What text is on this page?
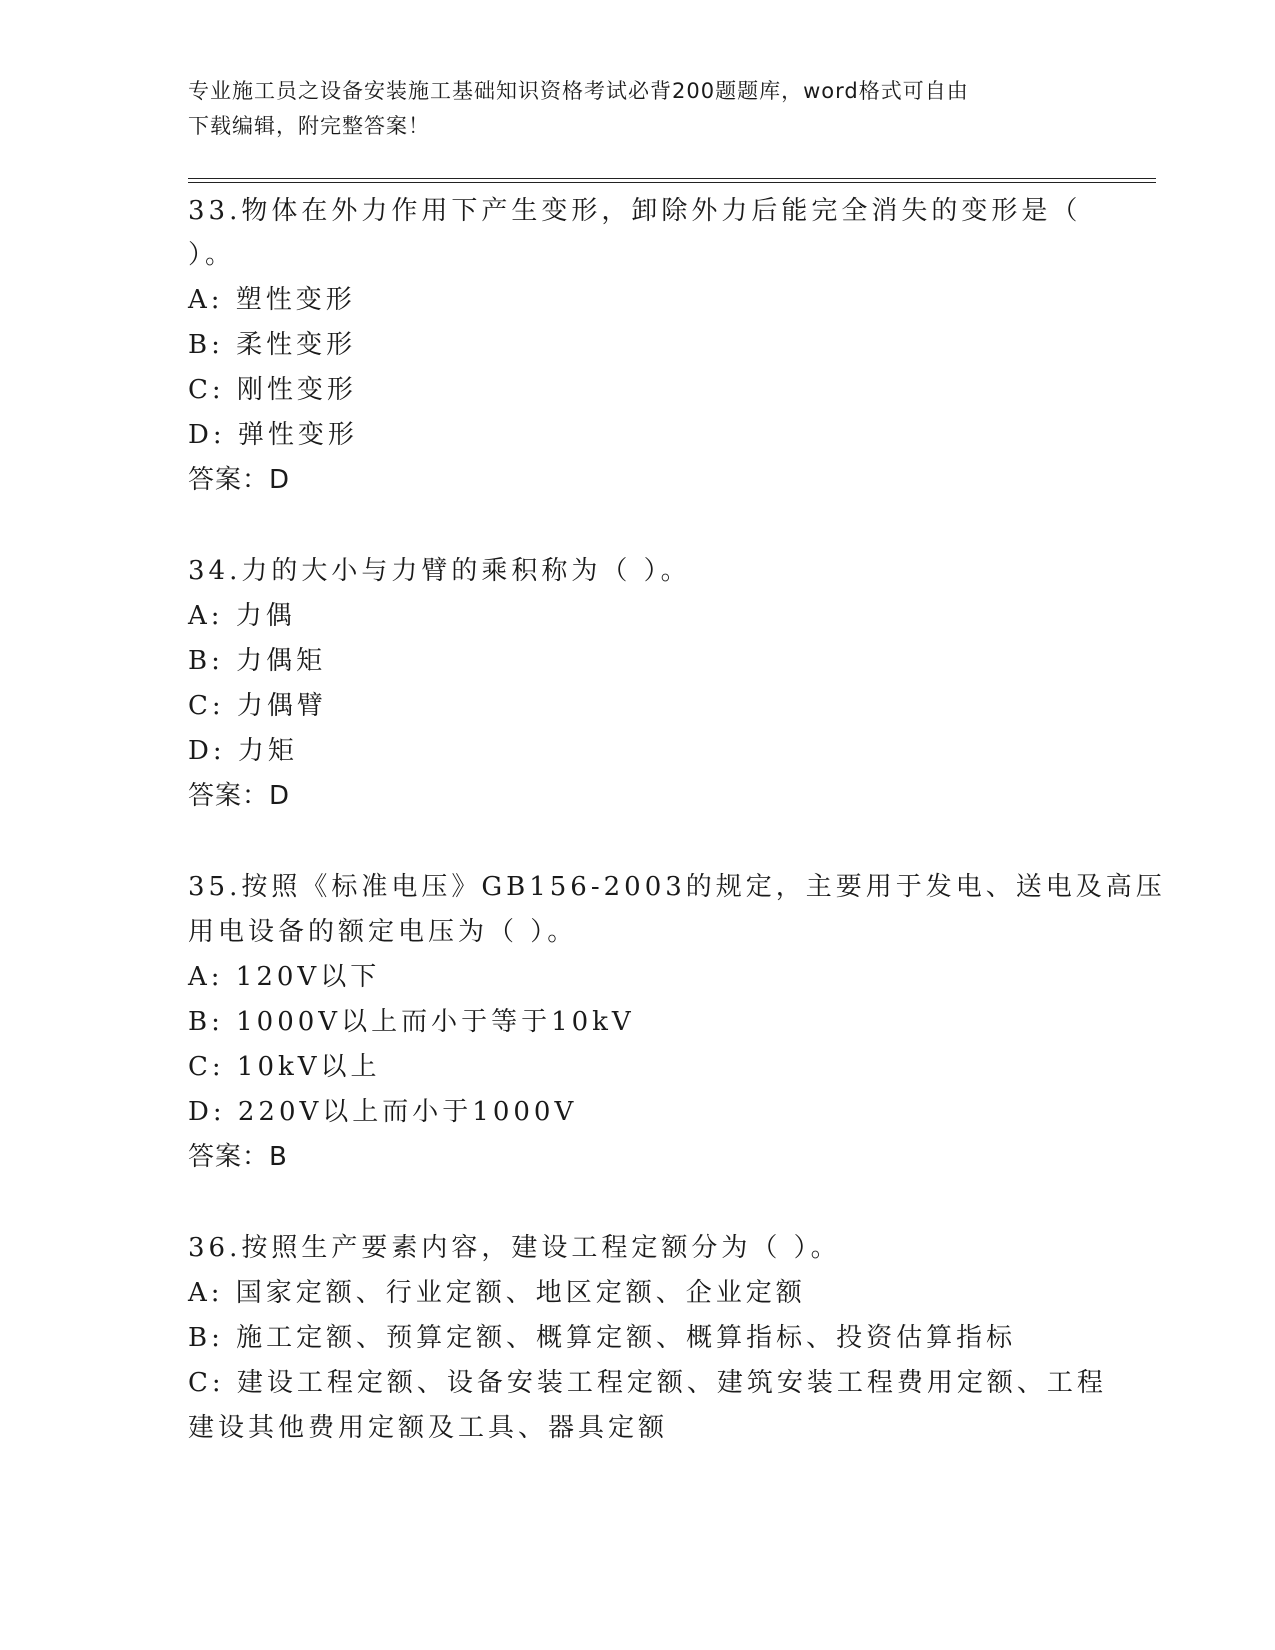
专业施工员之设备安装施工基础知识资格考试必背200题题库，word格式可自由
下载编辑，附完整答案！
33.物体在外力作用下产生变形，卸除外力后能完全消失的变形是（
）。
A: 塑性变形
B: 柔性变形
C: 刚性变形
D: 弹性变形
答案：D
34.力的大小与力臂的乘积称为（ ）。
A: 力偶
B: 力偶矩
C: 力偶臂
D: 力矩
答案：D
35.按照《标准电压》GB156-2003的规定，主要用于发电、送电及高压
用电设备的额定电压为（ ）。
A: 120V以下
B: 1000V以上而小于等于10kV
C: 10kV以上
D: 220V以上而小于1000V
答案：B
36.按照生产要素内容，建设工程定额分为（ ）。
A: 国家定额、行业定额、地区定额、企业定额
B: 施工定额、预算定额、概算定额、概算指标、投资估算指标
C: 建设工程定额、设备安装工程定额、建筑安装工程费用定额、工程
建设其他费用定额及工具、器具定额
